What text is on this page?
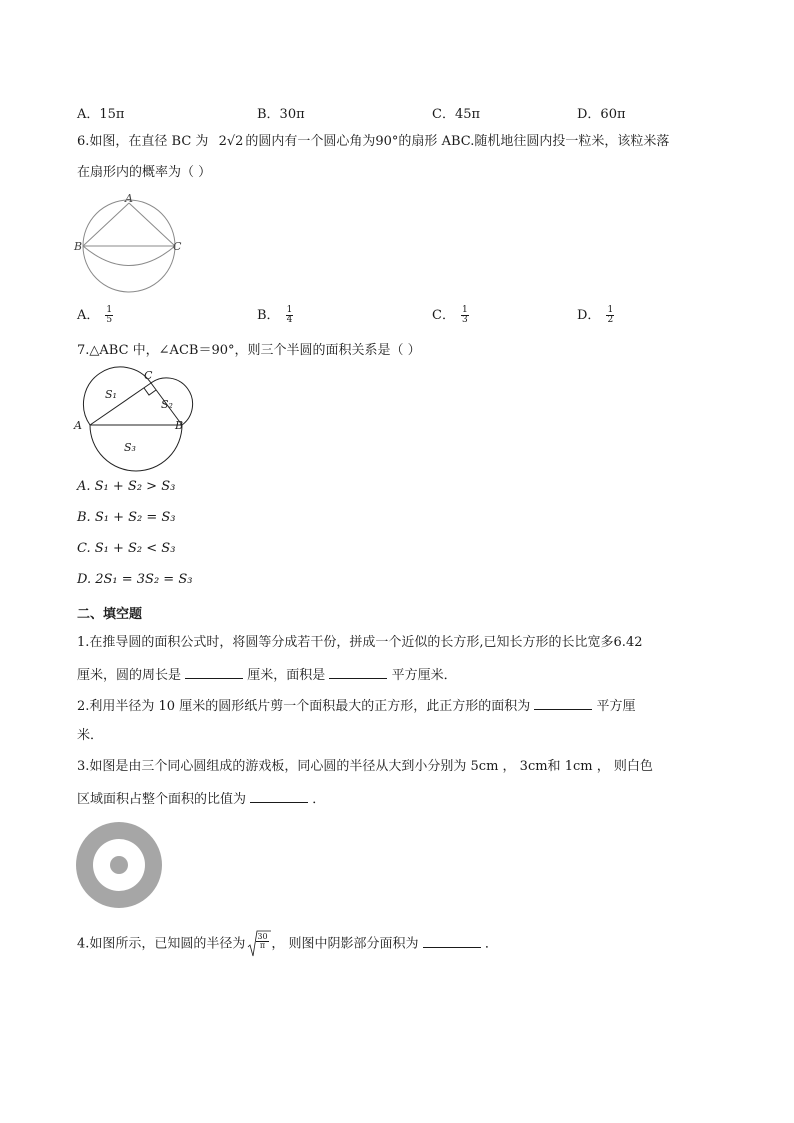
A．15π	B．30π	C．45π	D．60π
6.如图，在直径 BC 为 2√2 的圆内有一个圆心角为90°的扇形 ABC.随机地往圆内投一粒米，该粒米落
在扇形内的概率为（ ）
A
B	C
A． $\frac{1}{5}$	B． $\frac{1}{4}$	C． $\frac{1}{3}$	D． $\frac{1}{2}$
7.△ABC 中，∠ACB＝90°，则三个半圆的面积关系是（ ）
A	B
C
S₁
S₂
S₃
A. S₁ + S₂ > S₃
B. S₁ + S₂ = S₃
C. S₁ + S₂ < S₃
D. 2S₁ = 3S₂ = S₃
二、填空题
1.在推导圆的面积公式时，将圆等分成若干份，拼成一个近似的长方形,已知长方形的长比宽多6.42
厘米，圆的周长是	厘米，面积是	平方厘米．
2.利用半径为 10 厘米的圆形纸片剪一个面积最大的正方形，此正方形的面积为	平方厘
米．
3.如图是由三个同心圆组成的游戏板，同心圆的半径从大到小分别为 5cm ， 3cm和 1cm ， 则白色
区域面积占整个面积的比值为	．
4.如图所示，已知圆的半径为 $\frac{30}{\pi}$ ， 则图中阴影部分面积为	．
